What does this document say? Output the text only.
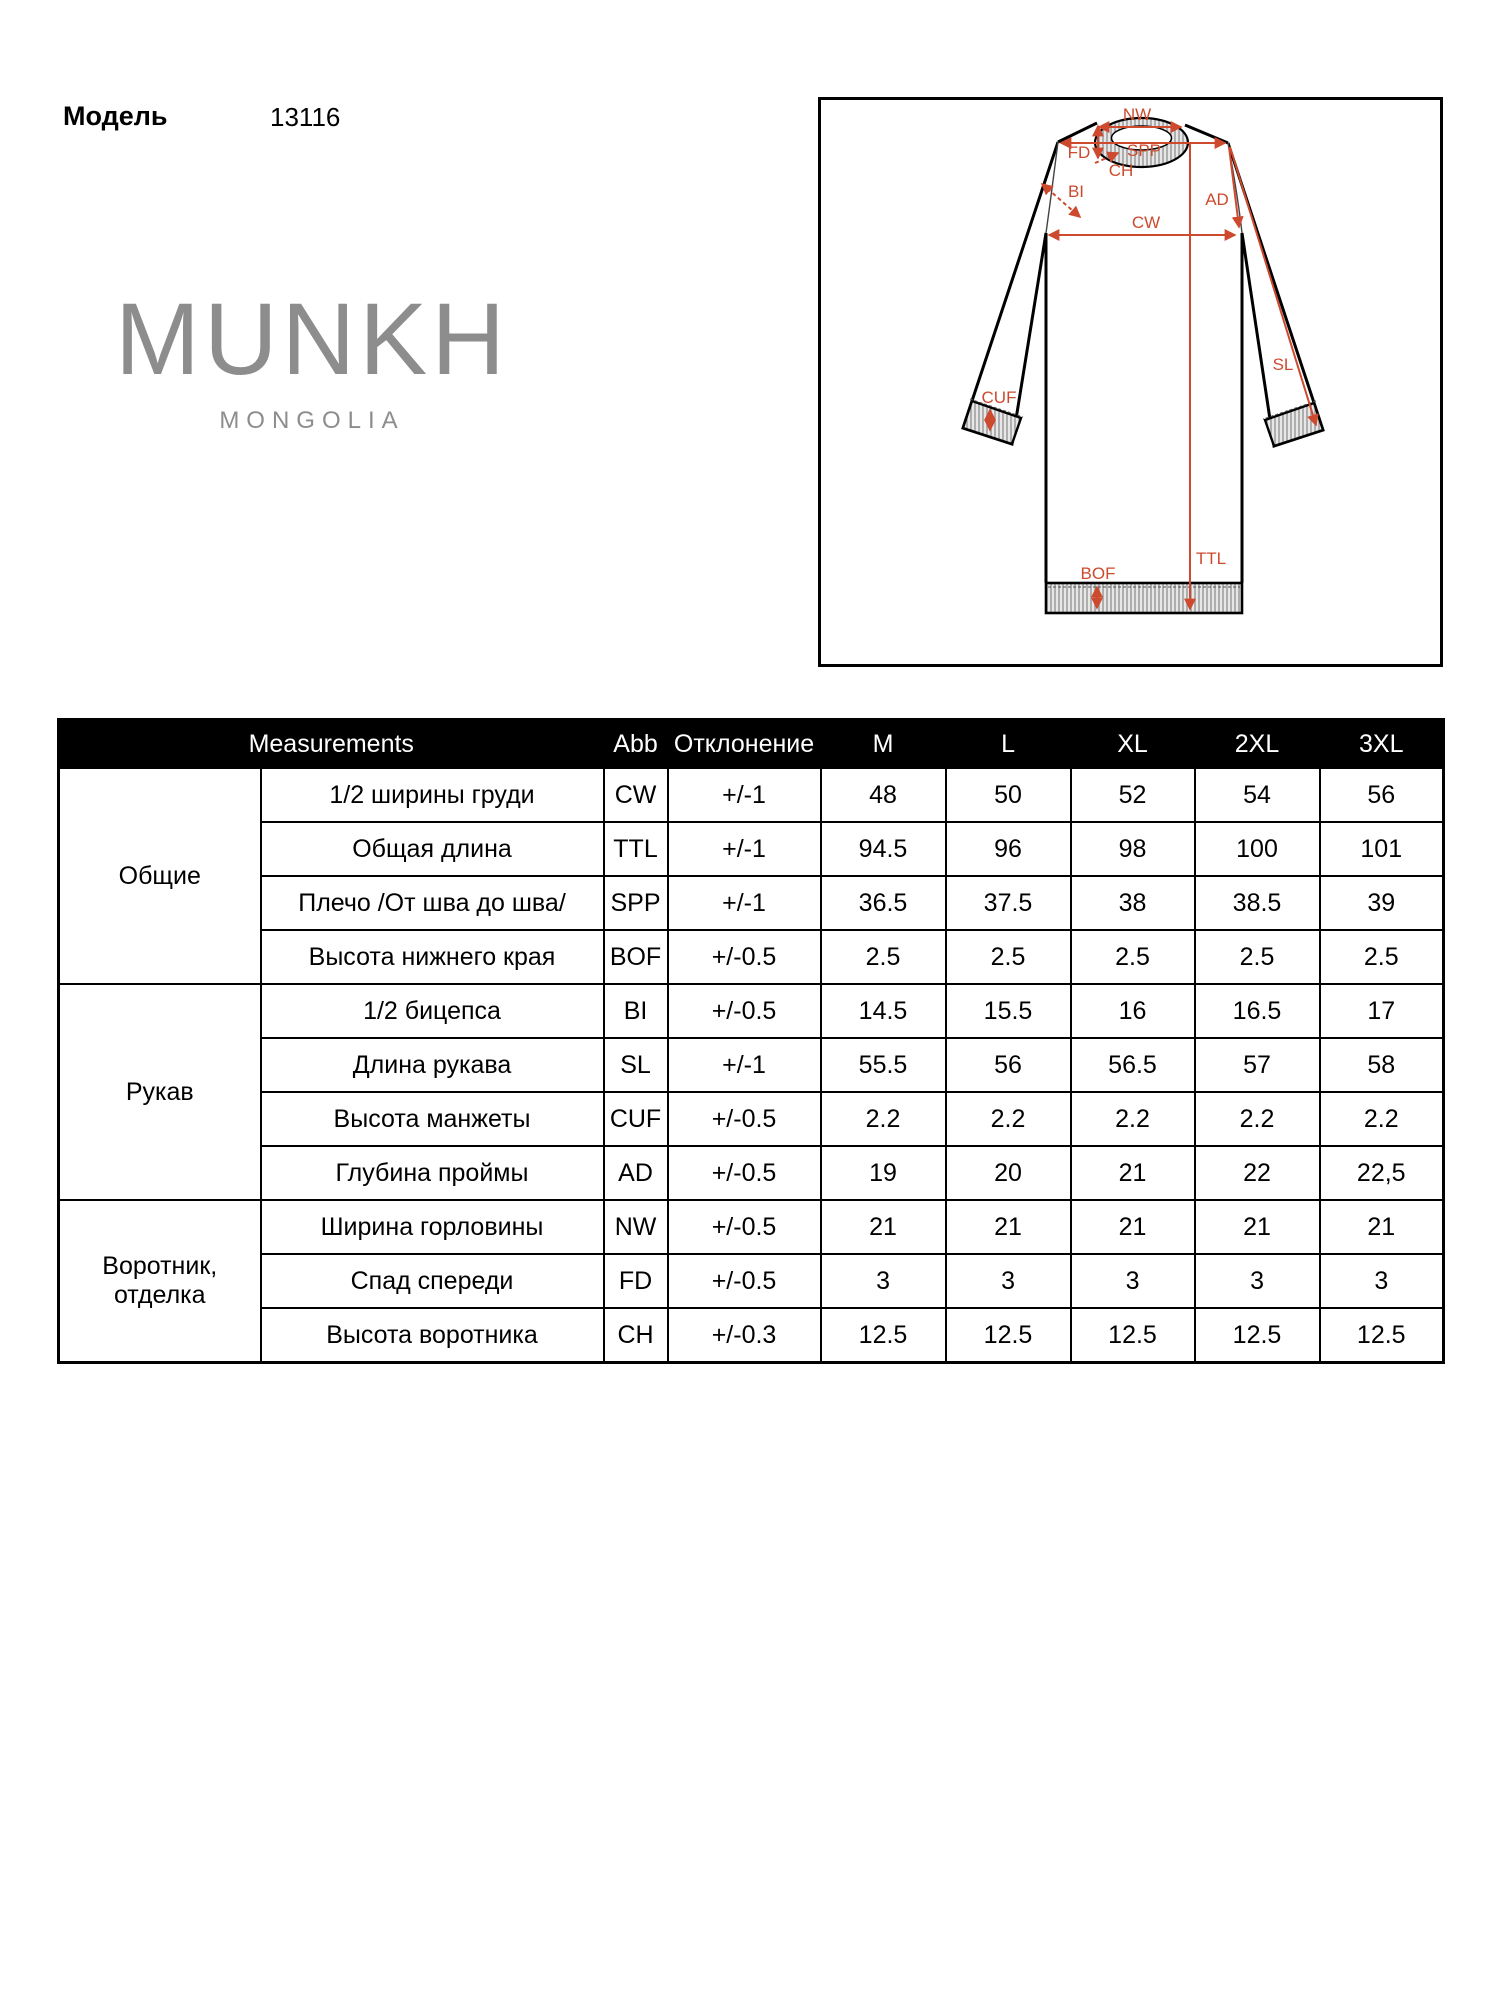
Модель	13116
MUNKH
MONGOLIA
NW
SPP
FD
CH
BI	AD
CW
SL
CUF
TTL
BOF
Measurements		Abb	Отклонение	M	L	XL	2XL	3XL
Общие	1/2 ширины груди	CW	+/-1	48	50	52	54	56
	Общая длина	TTL	+/-1	94.5	96	98	100	101
	Плечо /От шва до шва/	SPP	+/-1	36.5	37.5	38	38.5	39
	Высота нижнего края	BOF	+/-0.5	2.5	2.5	2.5	2.5	2.5
Рукав	1/2 бицепса	BI	+/-0.5	14.5	15.5	16	16.5	17
	Длина рукава	SL	+/-1	55.5	56	56.5	57	58
	Высота манжеты	CUF	+/-0.5	2.2	2.2	2.2	2.2	2.2
	Глубина проймы	AD	+/-0.5	19	20	21	22	22,5
Воротник, отделка	Ширина горловины	NW	+/-0.5	21	21	21	21	21
	Спад спереди	FD	+/-0.5	3	3	3	3	3
	Высота воротника	CH	+/-0.3	12.5	12.5	12.5	12.5	12.5
